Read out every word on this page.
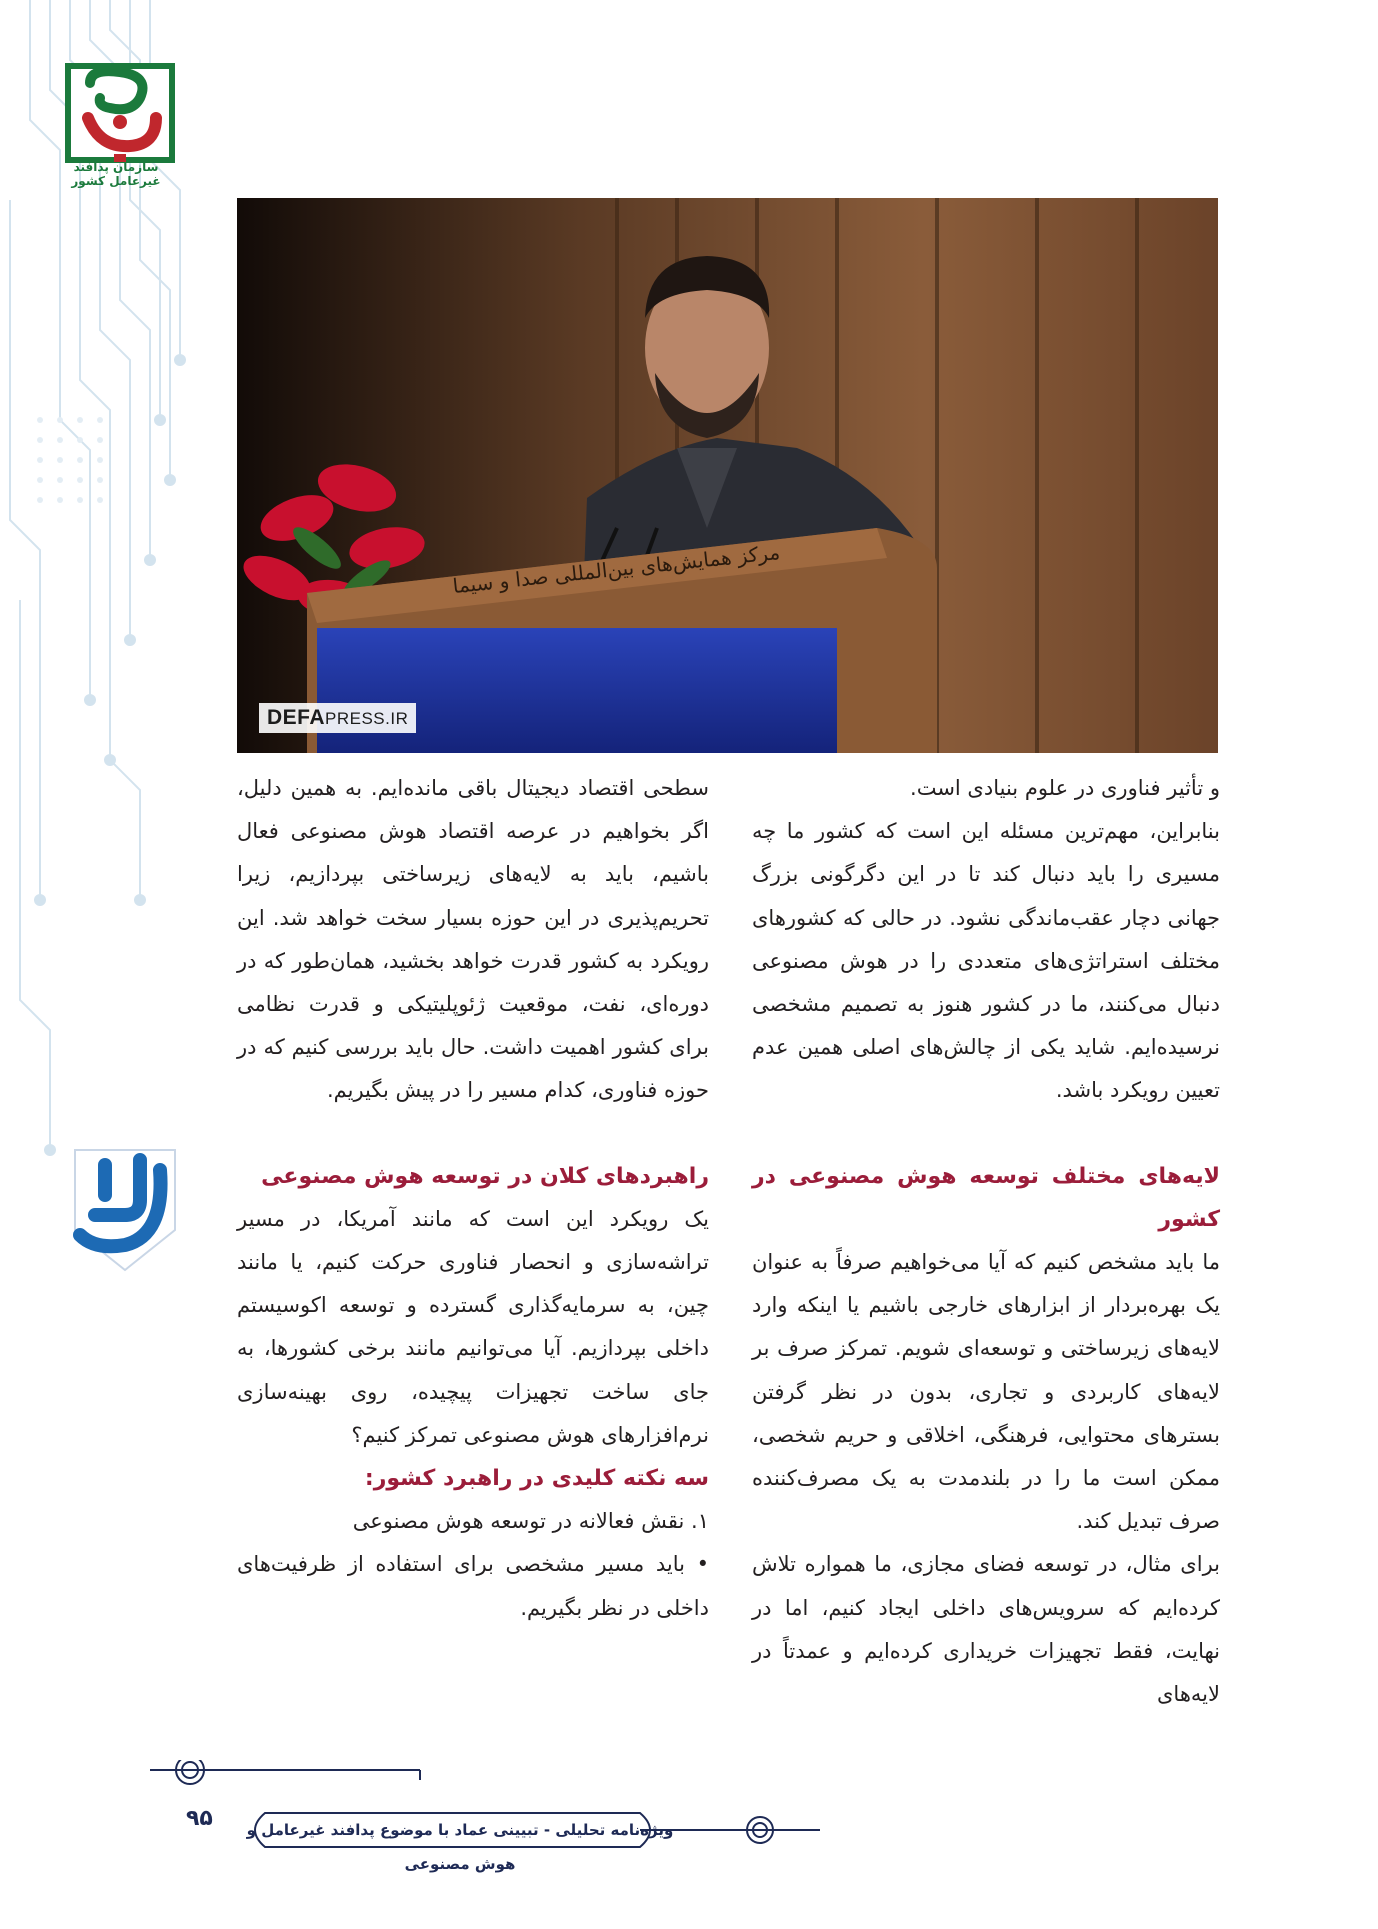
سازمان پدافند غیرعامل کشور
مرکز همایش‌های بین‌المللی صدا و سیما
DEFAPRESS.IR

و تأثیر فناوری در علوم بنیادی است.

بنابراین، مهم‌ترین مسئله این است که کشور ما چه مسیری را باید دنبال کند تا در این دگرگونی بزرگ جهانی دچار عقب‌ماندگی نشود. در حالی که کشورهای مختلف استراتژی‌های متعددی را در هوش مصنوعی دنبال می‌کنند، ما در کشور هنوز به تصمیم مشخصی نرسیده‌ایم. شاید یکی از چالش‌های اصلی همین عدم تعیین رویکرد باشد.

لایه‌های مختلف توسعه هوش مصنوعی در کشور

ما باید مشخص کنیم که آیا می‌خواهیم صرفاً به عنوان یک بهره‌بردار از ابزارهای خارجی باشیم یا اینکه وارد لایه‌های زیرساختی و توسعه‌ای شویم. تمرکز صرف بر لایه‌های کاربردی و تجاری، بدون در نظر گرفتن بسترهای محتوایی، فرهنگی، اخلاقی و حریم شخصی، ممکن است ما را در بلندمدت به یک مصرف‌کننده صرف تبدیل کند.

برای مثال، در توسعه فضای مجازی، ما همواره تلاش کرده‌ایم که سرویس‌های داخلی ایجاد کنیم، اما در نهایت، فقط تجهیزات خریداری کرده‌ایم و عمدتاً در لایه‌های

سطحی اقتصاد دیجیتال باقی مانده‌ایم. به همین دلیل، اگر بخواهیم در عرصه اقتصاد هوش مصنوعی فعال باشیم، باید به لایه‌های زیرساختی بپردازیم، زیرا تحریم‌پذیری در این حوزه بسیار سخت خواهد شد. این رویکرد به کشور قدرت خواهد بخشید، همان‌طور که در دوره‌ای، نفت، موقعیت ژئوپلیتیکی و قدرت نظامی برای کشور اهمیت داشت. حال باید بررسی کنیم که در حوزه فناوری، کدام مسیر را در پیش بگیریم.

راهبردهای کلان در توسعه هوش مصنوعی

یک رویکرد این است که مانند آمریکا، در مسیر تراشه‌سازی و انحصار فناوری حرکت کنیم، یا مانند چین، به سرمایه‌گذاری گسترده و توسعه اکوسیستم داخلی بپردازیم. آیا می‌توانیم مانند برخی کشورها، به جای ساخت تجهیزات پیچیده، روی بهینه‌سازی نرم‌افزارهای هوش مصنوعی تمرکز کنیم؟

سه نکته کلیدی در راهبرد کشور:

۱. نقش فعالانه در توسعه هوش مصنوعی

• باید مسیر مشخصی برای استفاده از ظرفیت‌های داخلی در نظر بگیریم.

ویژه‌نامه تحلیلی - تبیینی عماد با موضوع پدافند غیرعامل و هوش مصنوعی
۹۵
